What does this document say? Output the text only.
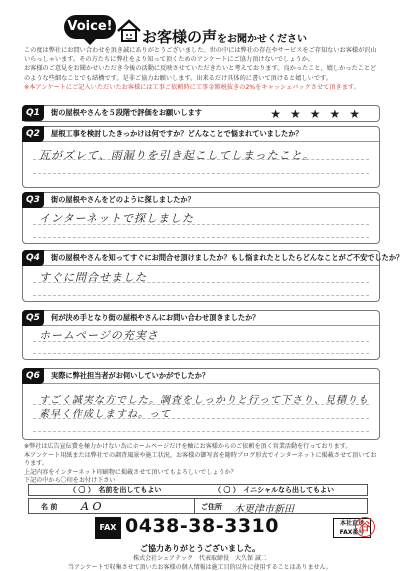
Voice!
お客様の声をお聞かせください
この度は弊社にお問い合わせを頂き誠にありがとうございました。世の中には弊社の存在やサービスをご存知ないお客様が沢山いらっしゃいます。その方たちに弊社をより知って頂くためのアンケートにご協力頂けないでしょうか。
お客様のご意見をお聞かせいただき今後の活動に反映させていただきたいと考えております。良かったこと、嬉しかったことどのような些細なことでも結構です。是非ご協力お願いします。出来るだけ具体的に書いて頂けると嬉しいです。
※本アンケートにご記入いただいたお客様には工事ご依頼時に工事金額税抜きの2%をキャッシュバックさせて頂きます。
Q1	街の屋根やさんを５段階で評価をお願いします	★★★★★
Q2	屋根工事を検討したきっかけは何ですか？どんなことで悩まれていましたか？
瓦がズレて、雨漏りを引き起こしてしまったこと。
Q3	街の屋根やさんをどのように探しましたか？
インターネットで探しました
Q4	街の屋根やさんを知ってすぐにお問合せ頂けましたか？もし悩まれたとしたらどんなことがご不安でしたか？
すぐに問合せました
Q5	何が決め手となり街の屋根やさんにお問い合わせ頂きましたか？
ホームページの充実さ
Q6	実際に弊社担当者がお伺いしていかがでしたか？
すごく誠実な方でした。調査をしっかりと行って下さり、見積りも
素早く作成しますね。って
※弊社は広告宣伝費を極力かけない為にホームページだけを軸にお客様からのご依頼を頂く営業活動を行っております。
本アンケート用紙または弊社での調査風景や施工状況、お客様の御写真を随時ブログ形式でインターネットに掲載させて頂いております。
上記内容をインターネット印刷物に掲載させて頂いてもよろしいでしょうか？
下記の中から〇印をお付け下さい
（ 〇 ）　名前を出してもよい	（ 〇 ）　イニシャルなら出してもよい
名 前 A O	ご住所 木更津市新田
FAX 0438-38-3310	本社直送 FAX番号
谷
ご協力ありがとうございました。
株式会社シェアテック　代表取締役　大久保 誠二
当アンケートで収集させて頂いたお客様の個人情報は施工目的以外に使用することはありません。
